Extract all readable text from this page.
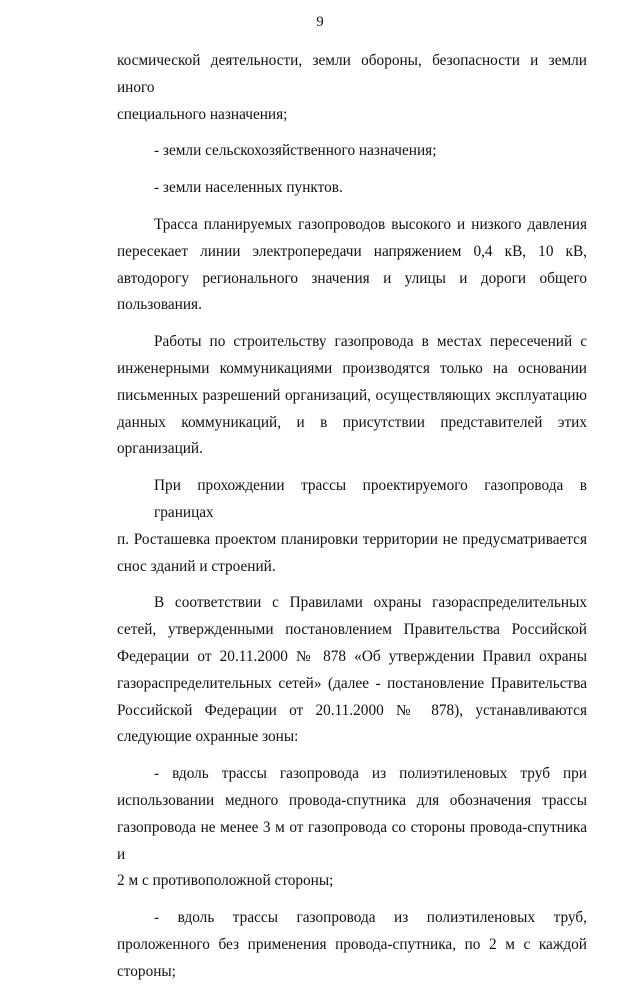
9
космической деятельности, земли обороны, безопасности и земли иного
специального назначения;
- земли сельскохозяйственного назначения;
- земли населенных пунктов.
Трасса планируемых газопроводов высокого и низкого давления
пересекает линии электропередачи напряжением 0,4 кВ, 10 кВ,
автодорогу регионального значения и улицы и дороги общего
пользования.
Работы по строительству газопровода в местах пересечений с
инженерными коммуникациями производятся только на основании
письменных разрешений организаций, осуществляющих эксплуатацию
данных коммуникаций, и в присутствии представителей этих
организаций.
При прохождении трассы проектируемого газопровода в границах
п. Росташевка проектом планировки территории не предусматривается
снос зданий и строений.
В соответствии с Правилами охраны газораспределительных
сетей, утвержденными постановлением Правительства Российской
Федерации от 20.11.2000 № 878 «Об утверждении Правил охраны
газораспределительных сетей» (далее - постановление Правительства
Российской Федерации от 20.11.2000 № 878), устанавливаются
следующие охранные зоны:
- вдоль трассы газопровода из полиэтиленовых труб при
использовании медного провода-спутника для обозначения трассы
газопровода не менее 3 м от газопровода со стороны провода-спутника и
2 м с противоположной стороны;
- вдоль трассы газопровода из полиэтиленовых труб,
проложенного без применения провода-спутника, по 2 м с каждой
стороны;
